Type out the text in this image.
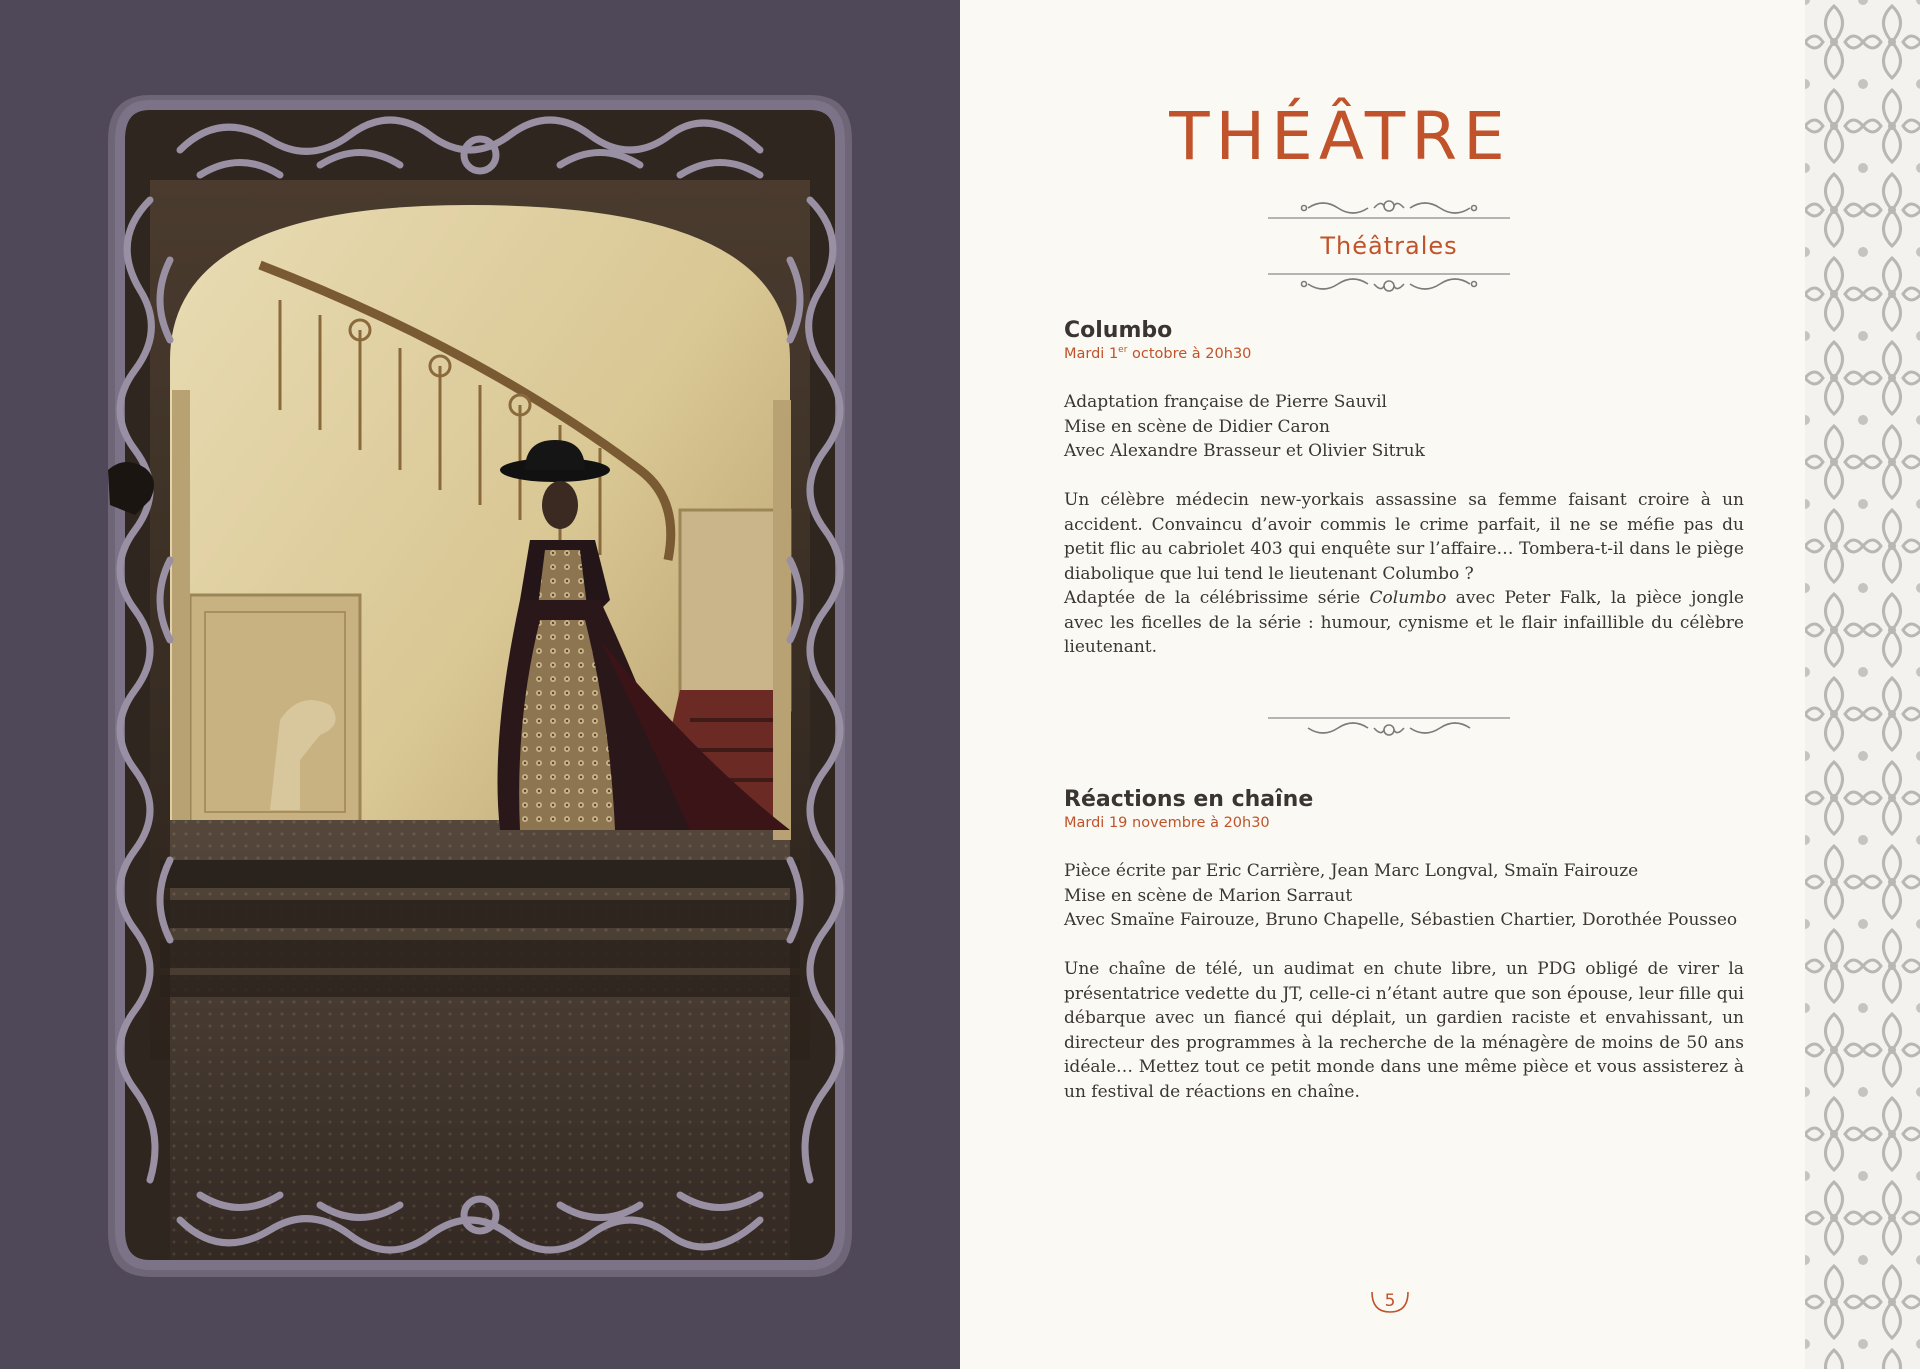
THÉÂTRE
Théâtrales
Columbo

Mardi 1er octobre à 20h30

Adaptation française de Pierre Sauvil
Mise en scène de Didier Caron
Avec Alexandre Brasseur et Olivier Sitruk
Un célèbre médecin new-yorkais assassine sa femme faisant croire à un accident. Convaincu d’avoir commis le crime parfait, il ne se méfie pas du petit flic au cabriolet 403 qui enquête sur l’affaire… Tombera-t-il dans le piège diabolique que lui tend le lieutenant Columbo ?
Adaptée de la célébrissime série Columbo avec Peter Falk, la pièce jongle avec les ficelles de la série : humour, cynisme et le flair infaillible du célèbre lieutenant.
Réactions en chaîne

Mardi 19 novembre à 20h30

Pièce écrite par Eric Carrière, Jean Marc Longval, Smaïn Fairouze
Mise en scène de Marion Sarraut
Avec Smaïne Fairouze, Bruno Chapelle, Sébastien Chartier, Dorothée Pousseo
Une chaîne de télé, un audimat en chute libre, un PDG obligé de virer la présentatrice vedette du JT, celle-ci n’étant autre que son épouse, leur fille qui débarque avec un fiancé qui déplait, un gardien raciste et envahissant, un directeur des programmes à la recherche de la ménagère de moins de 50 ans idéale… Mettez tout ce petit monde dans une même pièce et vous assisterez à un festival de réactions en chaîne.
5
